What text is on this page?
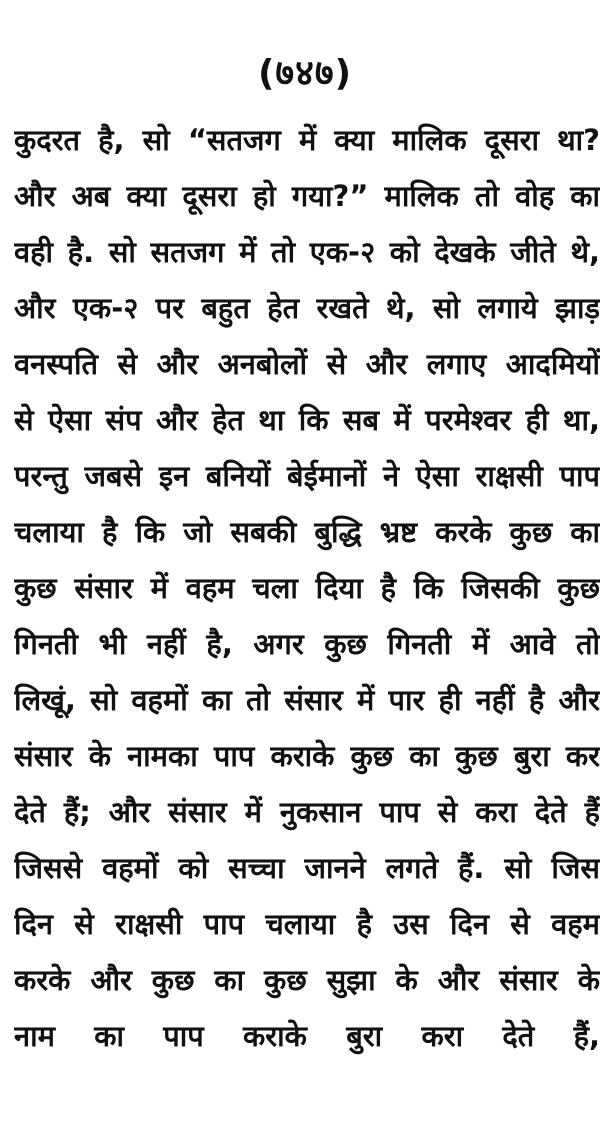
(७४७)
कुदरत है, सो “सतजग में क्या मालिक दूसरा था?
और अब क्या दूसरा हो गया?” मालिक तो वोह का
वही है. सो सतजग में तो एक-२ को देखके जीते थे,
और एक-२ पर बहुत हेत रखते थे, सो लगाये झाड़
वनस्पति से और अनबोलों से और लगाए आदमियों
से ऐसा संप और हेत था कि सब में परमेश्वर ही था,
परन्तु जबसे इन बनियों बेईमानों ने ऐसा राक्षसी पाप
चलाया है कि जो सबकी बुद्धि भ्रष्ट करके कुछ का
कुछ संसार में वहम चला दिया है कि जिसकी कुछ
गिनती भी नहीं है, अगर कुछ गिनती में आवे तो
लिखूं, सो वहमों का तो संसार में पार ही नहीं है और
संसार के नामका पाप कराके कुछ का कुछ बुरा कर
देते हैं; और संसार में नुकसान पाप से करा देते हैं
जिससे वहमों को सच्चा जानने लगते हैं. सो जिस
दिन से राक्षसी पाप चलाया है उस दिन से वहम
करके और कुछ का कुछ सुझा के और संसार के
नाम का पाप कराके बुरा करा देते हैं,
